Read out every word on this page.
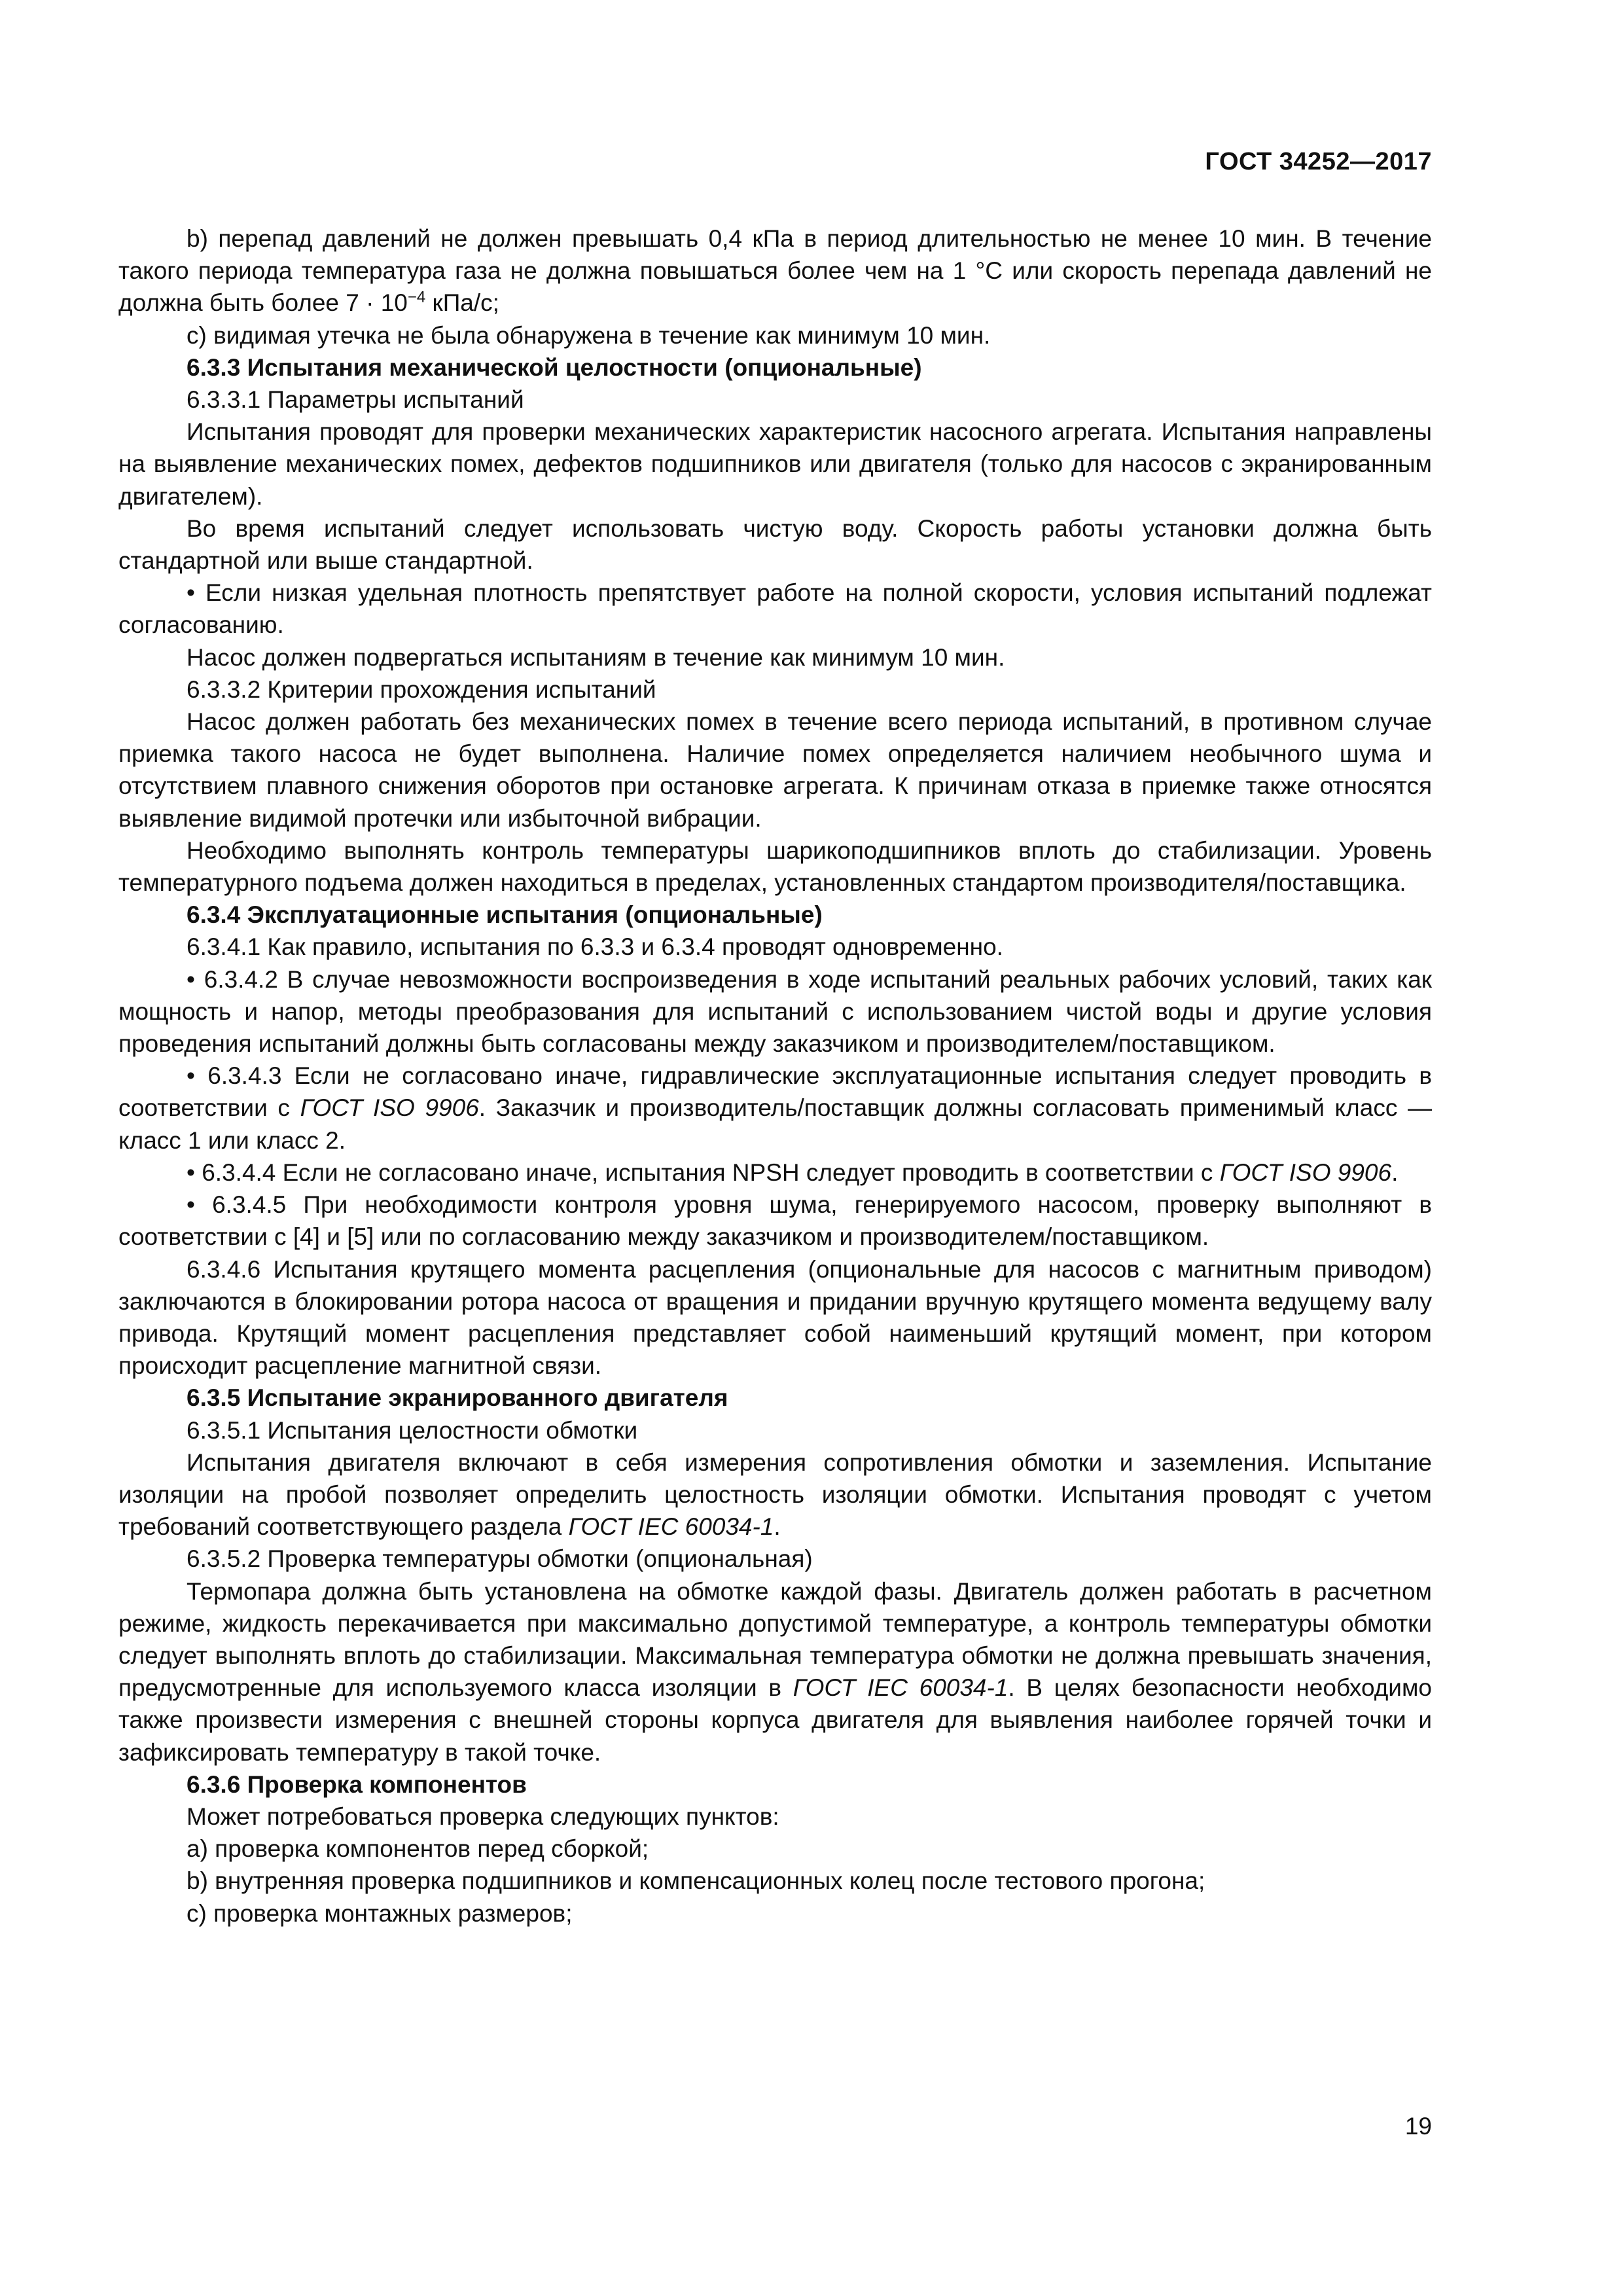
ГОСТ 34252—2017

b) перепад давлений не должен превышать 0,4 кПа в период длительностью не менее 10 мин. В течение такого периода температура газа не должна повышаться более чем на 1 °C или скорость перепада давлений не должна быть более $7 \cdot 10^{-4}$ кПа/с;

c) видимая утечка не была обнаружена в течение как минимум 10 мин.

6.3.3 Испытания механической целостности (опциональные)

6.3.3.1 Параметры испытаний

Испытания проводят для проверки механических характеристик насосного агрегата. Испытания направлены на выявление механических помех, дефектов подшипников или двигателя (только для насосов с экранированным двигателем).

Во время испытаний следует использовать чистую воду. Скорость работы установки должна быть стандартной или выше стандартной.

• Если низкая удельная плотность препятствует работе на полной скорости, условия испытаний подлежат согласованию.

Насос должен подвергаться испытаниям в течение как минимум 10 мин.

6.3.3.2 Критерии прохождения испытаний

Насос должен работать без механических помех в течение всего периода испытаний, в противном случае приемка такого насоса не будет выполнена. Наличие помех определяется наличием необычного шума и отсутствием плавного снижения оборотов при остановке агрегата. К причинам отказа в приемке также относятся выявление видимой протечки или избыточной вибрации.

Необходимо выполнять контроль температуры шарикоподшипников вплоть до стабилизации. Уровень температурного подъема должен находиться в пределах, установленных стандартом производителя/поставщика.

6.3.4 Эксплуатационные испытания (опциональные)

6.3.4.1 Как правило, испытания по 6.3.3 и 6.3.4 проводят одновременно.

• 6.3.4.2 В случае невозможности воспроизведения в ходе испытаний реальных рабочих условий, таких как мощность и напор, методы преобразования для испытаний с использованием чистой воды и другие условия проведения испытаний должны быть согласованы между заказчиком и производителем/поставщиком.

• 6.3.4.3 Если не согласовано иначе, гидравлические эксплуатационные испытания следует проводить в соответствии с ГОСТ ISO 9906. Заказчик и производитель/поставщик должны согласовать применимый класс — класс 1 или класс 2.

• 6.3.4.4 Если не согласовано иначе, испытания NPSH следует проводить в соответствии с ГОСТ ISO 9906.

• 6.3.4.5 При необходимости контроля уровня шума, генерируемого насосом, проверку выполняют в соответствии с [4] и [5] или по согласованию между заказчиком и производителем/поставщиком.

6.3.4.6 Испытания крутящего момента расцепления (опциональные для насосов с магнитным приводом) заключаются в блокировании ротора насоса от вращения и придании вручную крутящего момента ведущему валу привода. Крутящий момент расцепления представляет собой наименьший крутящий момент, при котором происходит расцепление магнитной связи.

6.3.5 Испытание экранированного двигателя

6.3.5.1 Испытания целостности обмотки

Испытания двигателя включают в себя измерения сопротивления обмотки и заземления. Испытание изоляции на пробой позволяет определить целостность изоляции обмотки. Испытания проводят с учетом требований соответствующего раздела ГОСТ IEC 60034-1.

6.3.5.2 Проверка температуры обмотки (опциональная)

Термопара должна быть установлена на обмотке каждой фазы. Двигатель должен работать в расчетном режиме, жидкость перекачивается при максимально допустимой температуре, а контроль температуры обмотки следует выполнять вплоть до стабилизации. Максимальная температура обмотки не должна превышать значения, предусмотренные для используемого класса изоляции в ГОСТ IEC 60034-1. В целях безопасности необходимо также произвести измерения с внешней стороны корпуса двигателя для выявления наиболее горячей точки и зафиксировать температуру в такой точке.

6.3.6 Проверка компонентов

Может потребоваться проверка следующих пунктов:

a) проверка компонентов перед сборкой;

b) внутренняя проверка подшипников и компенсационных колец после тестового прогона;

c) проверка монтажных размеров;

19
